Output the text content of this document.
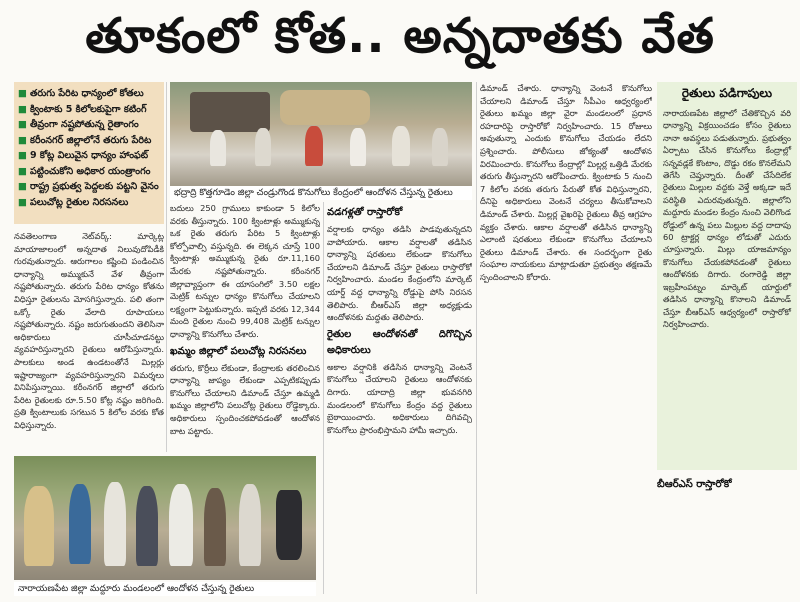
తూకంలో కోత.. అన్నదాతకు వేత
■ తరుగు పేరిట ధాన్యంలో కోతలు
■ క్వింటాకు 5 కిలోలకుపైగా కటింగ్
■ తీవ్రంగా నష్టపోతున్న రైతాంగం
■ కరీంనగర్ జిల్లాలోనే తరుగు పేరిట
■ 9 కోట్ల విలువైన ధాన్యం హాంఫట్
■ పట్టించుకోని అధికార యంత్రాంగం
■ రాష్ట్ర ప్రభుత్వ పెద్దలకు పట్టని వైనం
■ పలుచోట్ల రైతుల నిరసనలు
భద్రాద్రి కొత్తగూడెం జిల్లా చండ్రుగొండ కొనుగోలు కేంద్రంలో ఆందోళన చేస్తున్న రైతులు

నవతెలంగాణ నెట్‌వర్క్: మార్కెట్ల మాయాజాలంలో అన్నదాత నిలువుదోపిడీకి గురవుతున్నారు. ఆరుగాలం కష్టించి పండించిన ధాన్యాన్ని అమ్ముకునే వేళ తీవ్రంగా నష్టపోతున్నారు. తరుగు పేరిట ధాన్యం కోతను విధిస్తూ రైతులను మోసగిస్తున్నారు. పలి తంగా ఒక్కో రైతు వేలాది రూపాయలు నష్టపోతున్నారు. నష్టం జరుగుతుందని తెలిసినా అధికారులు చూసీచూడనట్టు వ్యవహరిస్తున్నారని రైతులు ఆరోపిస్తున్నారు. పాలకులు అండ ఉండటంతోనే మిల్లర్లు ఇష్టారాజ్యంగా వ్యవహరిస్తున్నారని విమర్శలు వినిపిస్తున్నాయి. కరీంనగర్ జిల్లాలో తరుగు పేరిట రైతులకు రూ.5.50 కోట్ల నష్టం జరిగింది. ప్రతి క్వింటాలుకు సగటున 5 కిలోల వరకు కోత విధిస్తున్నారు.

బదులు 250 గ్రాములు కాకుండా 5 కిలోల వరకు తీస్తున్నారు. 100 క్వింటాళ్లు అమ్ముకున్న ఒక రైతు తరుగు పేరిట 5 క్వింటాళ్లు కోల్పోవాల్సి వస్తున్నది. ఈ లెక్కన చూస్తే 100 క్వింటాళ్లు అమ్ముకున్న రైతు రూ.11,160 మేరకు నష్టపోతున్నారు. కరీంనగర్ జిల్లావ్యాప్తంగా ఈ యాసంగిలో 3.50 లక్షల మెట్రిక్ టన్నుల ధాన్యం కొనుగోలు చేయాలని లక్ష్యంగా పెట్టుకున్నారు. ఇప్పటి వరకు 12,344 మంది రైతుల నుంచి 99,408 మెట్రిక్ టన్నుల ధాన్యాన్ని కొనుగోలు చేశారు.

ఖమ్మం జిల్లాలో పలుచోట్ల నిరసనలు

తరుగు, కొర్రీలు లేకుండా, కేంద్రాలకు తరలించిన ధాన్యాన్ని జాప్యం లేకుండా ఎప్పటికప్పుడు కొనుగోలు చేయాలని డిమాండ్ చేస్తూ ఉమ్మడి ఖమ్మం జిల్లాలోని పలుచోట్ల రైతులు రోడ్డెక్కారు. అధికారులు స్పందించకపోవడంతో ఆందోళన బాట పట్టారు.

వడగళ్లతో రాస్తారోకో

వర్షాలకు ధాన్యం తడిసి పాడవుతున్నదని వాపోయారు. ఆకాల వర్షాలతో తడిసిన ధాన్యాన్ని షరతులు లేకుండా కొనుగోలు చేయాలని డిమాండ్ చేస్తూ రైతులు రాస్తారోకో నిర్వహించారు. మండల కేంద్రంలోని మార్కెట్ యార్డ్ వద్ద ధాన్యాన్ని రోడ్డుపై పోసి నిరసన తెలిపారు. బీఆర్ఎస్ జిల్లా అధ్యక్షుడు ఆందోళనకు మద్దతు తెలిపారు.

రైతుల ఆందోళనతో దిగొచ్చిన అధికారులు

అకాల వర్షానికి తడిసిన ధాన్యాన్ని వెంటనే కొనుగోలు చేయాలని రైతులు ఆందోళనకు దిగారు. యాదాద్రి జిల్లా భువనగిరి మండలంలో కొనుగోలు కేంద్రం వద్ద రైతులు బైఠాయించారు. అధికారులు దిగివచ్చి కొనుగోలు ప్రారంభిస్తామని హామీ ఇచ్చారు.

డిమాండ్ చేశారు. ధాన్యాన్ని వెంటనే కొనుగోలు చేయాలని డిమాండ్ చేస్తూ సీపీఎం ఆధ్వర్యంలో రైతులు ఖమ్మం జిల్లా వైరా మండలంలో ప్రధాన రహదారిపై రాస్తారోకో నిర్వహించారు. 15 రోజులు అవుతున్నా ఎందుకు కొనుగోలు చేయడం లేదని ప్రశ్నించారు. పోలీసులు జోక్యంతో ఆందోళన విరమించారు. కొనుగోలు కేంద్రాల్లో మిల్లర్ల ఒత్తిడి మేరకు తరుగు తీస్తున్నారని ఆరోపించారు. క్వింటాకు 5 నుంచి 7 కిలోల వరకు తరుగు పేరుతో కోత విధిస్తున్నారని, దీనిపై అధికారులు వెంటనే చర్యలు తీసుకోవాలని డిమాండ్ చేశారు. మిల్లర్ల వైఖరిపై రైతులు తీవ్ర ఆగ్రహం వ్యక్తం చేశారు. ఆకాల వర్షాలతో తడిసిన ధాన్యాన్ని ఎలాంటి షరతులు లేకుండా కొనుగోలు చేయాలని రైతులు డిమాండ్ చేశారు. ఈ సందర్భంగా రైతు సంఘాల నాయకులు మాట్లాడుతూ ప్రభుత్వం తక్షణమే స్పందించాలని కోరారు.

నారాయణపేట జిల్లా మద్దూరు మండలంలో ఆందోళన చేస్తున్న రైతులు
రైతులు పడిగాపులు
నారాయణపేట జిల్లాలో చేతికొచ్చిన వరి ధాన్యాన్ని విక్రయించడం కోసం రైతులు నానా అవస్థలు పడుతున్నారు. ప్రభుత్వం ఏర్పాటు చేసిన కొనుగోలు కేంద్రాల్లో సన్నవడ్లకే కొంటాం, దొడ్డు రకం కొనలేమని తెగేసి చెప్తున్నారు. దీంతో చేసేదిలేక రైతులు మిల్లుల వద్దకు వెళ్తే అక్కడా ఇదే పరిస్థితి ఎదురవుతున్నది. జిల్లాలోని మద్దూరు మండల కేంద్రం నుంచి వెలిగొండ రోడ్డులో ఉన్న పలు మిల్లుల వద్ద దాదాపు 60 ట్రాక్టర్ల ధాన్యం లోడుతో ఎదురు చూస్తున్నారు. మిల్లు యాజమాన్యం కొనుగోలు చేయకపోవడంతో రైతులు ఆందోళనకు దిగారు. రంగారెడ్డి జిల్లా ఇబ్రహీంపట్నం మార్కెట్ యార్డులో తడిసిన ధాన్యాన్ని కొనాలని డిమాండ్ చేస్తూ బీఆర్ఎస్ ఆధ్వర్యంలో రాస్తారోకో నిర్వహించారు.
బీఆర్ఎస్ రాస్తారోకో
